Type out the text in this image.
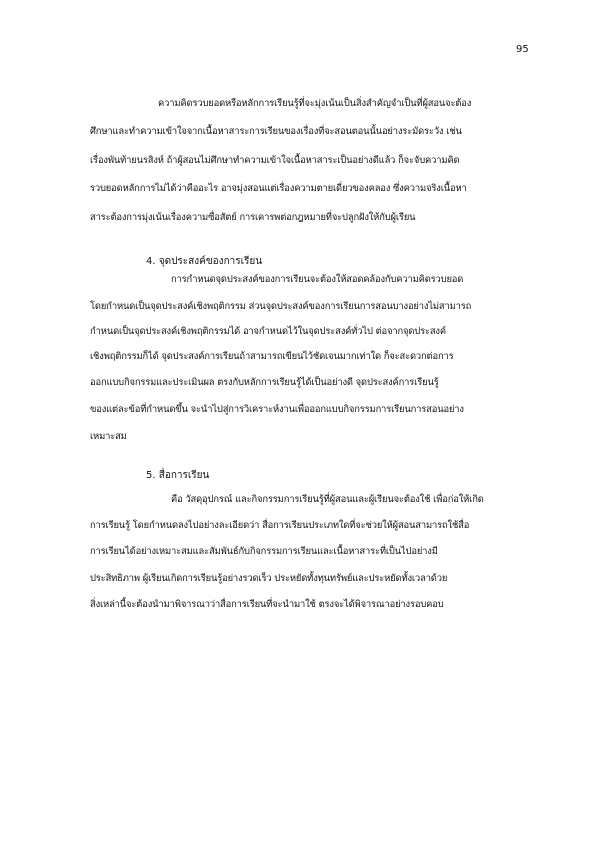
95
ความคิดรวบยอดหรือหลักการเรียนรู้ที่จะมุ่งเน้นเป็นสิ่งสำคัญจำเป็นที่ผู้สอนจะต้อง
ศึกษาและทำความเข้าใจจากเนื้อหาสาระการเรียนของเรื่องที่จะสอนตอนนั้นอย่างระมัดระวัง เช่น
เรื่องพันท้ายนรสิงห์ ถ้าผู้สอนไม่ศึกษาทำความเข้าใจเนื้อหาสาระเป็นอย่างดีแล้ว ก็จะจับความคิด
รวบยอดหลักการไม่ได้ว่าคืออะไร อาจมุ่งสอนแต่เรื่องความตายเดี่ยวของคลอง ซึ่งความจริงเนื้อหา
สาระต้องการมุ่งเน้นเรื่องความซื่อสัตย์ การเคารพต่อกฎหมายที่จะปลูกฝังให้กับผู้เรียน
4. จุดประสงค์ของการเรียน
การกำหนดจุดประสงค์ของการเรียนจะต้องให้สอดคล้องกับความคิดรวบยอด
โดยกำหนดเป็นจุดประสงค์เชิงพฤติกรรม ส่วนจุดประสงค์ของการเรียนการสอนบางอย่างไม่สามารถ
กำหนดเป็นจุดประสงค์เชิงพฤติกรรมได้ อาจกำหนดไว้ในจุดประสงค์ทั่วไป ต่อจากจุดประสงค์
เชิงพฤติกรรมก็ได้ จุดประสงค์การเรียนถ้าสามารถเขียนไว้ชัดเจนมากเท่าใด ก็จะสะดวกต่อการ
ออกแบบกิจกรรมและประเมินผล ตรงกับหลักการเรียนรู้ได้เป็นอย่างดี จุดประสงค์การเรียนรู้
ของแต่ละข้อที่กำหนดขึ้น จะนำไปสู่การวิเคราะห์งานเพื่อออกแบบกิจกรรมการเรียนการสอนอย่าง
เหมาะสม
5. สื่อการเรียน
คือ วัสดุอุปกรณ์ และกิจกรรมการเรียนรู้ที่ผู้สอนและผู้เรียนจะต้องใช้ เพื่อก่อให้เกิด
การเรียนรู้ โดยกำหนดลงไปอย่างละเอียดว่า สื่อการเรียนประเภทใดที่จะช่วยให้ผู้สอนสามารถใช้สื่อ
การเรียนได้อย่างเหมาะสมและสัมพันธ์กับกิจกรรมการเรียนและเนื้อหาสาระที่เป็นไปอย่างมี
ประสิทธิภาพ ผู้เรียนเกิดการเรียนรู้อย่างรวดเร็ว ประหยัดทั้งทุนทรัพย์และประหยัดทั้งเวลาด้วย
สิ่งเหล่านี้จะต้องนำมาพิจารณาว่าสื่อการเรียนที่จะนำมาใช้ ตรงจะได้พิจารณาอย่างรอบคอบ
